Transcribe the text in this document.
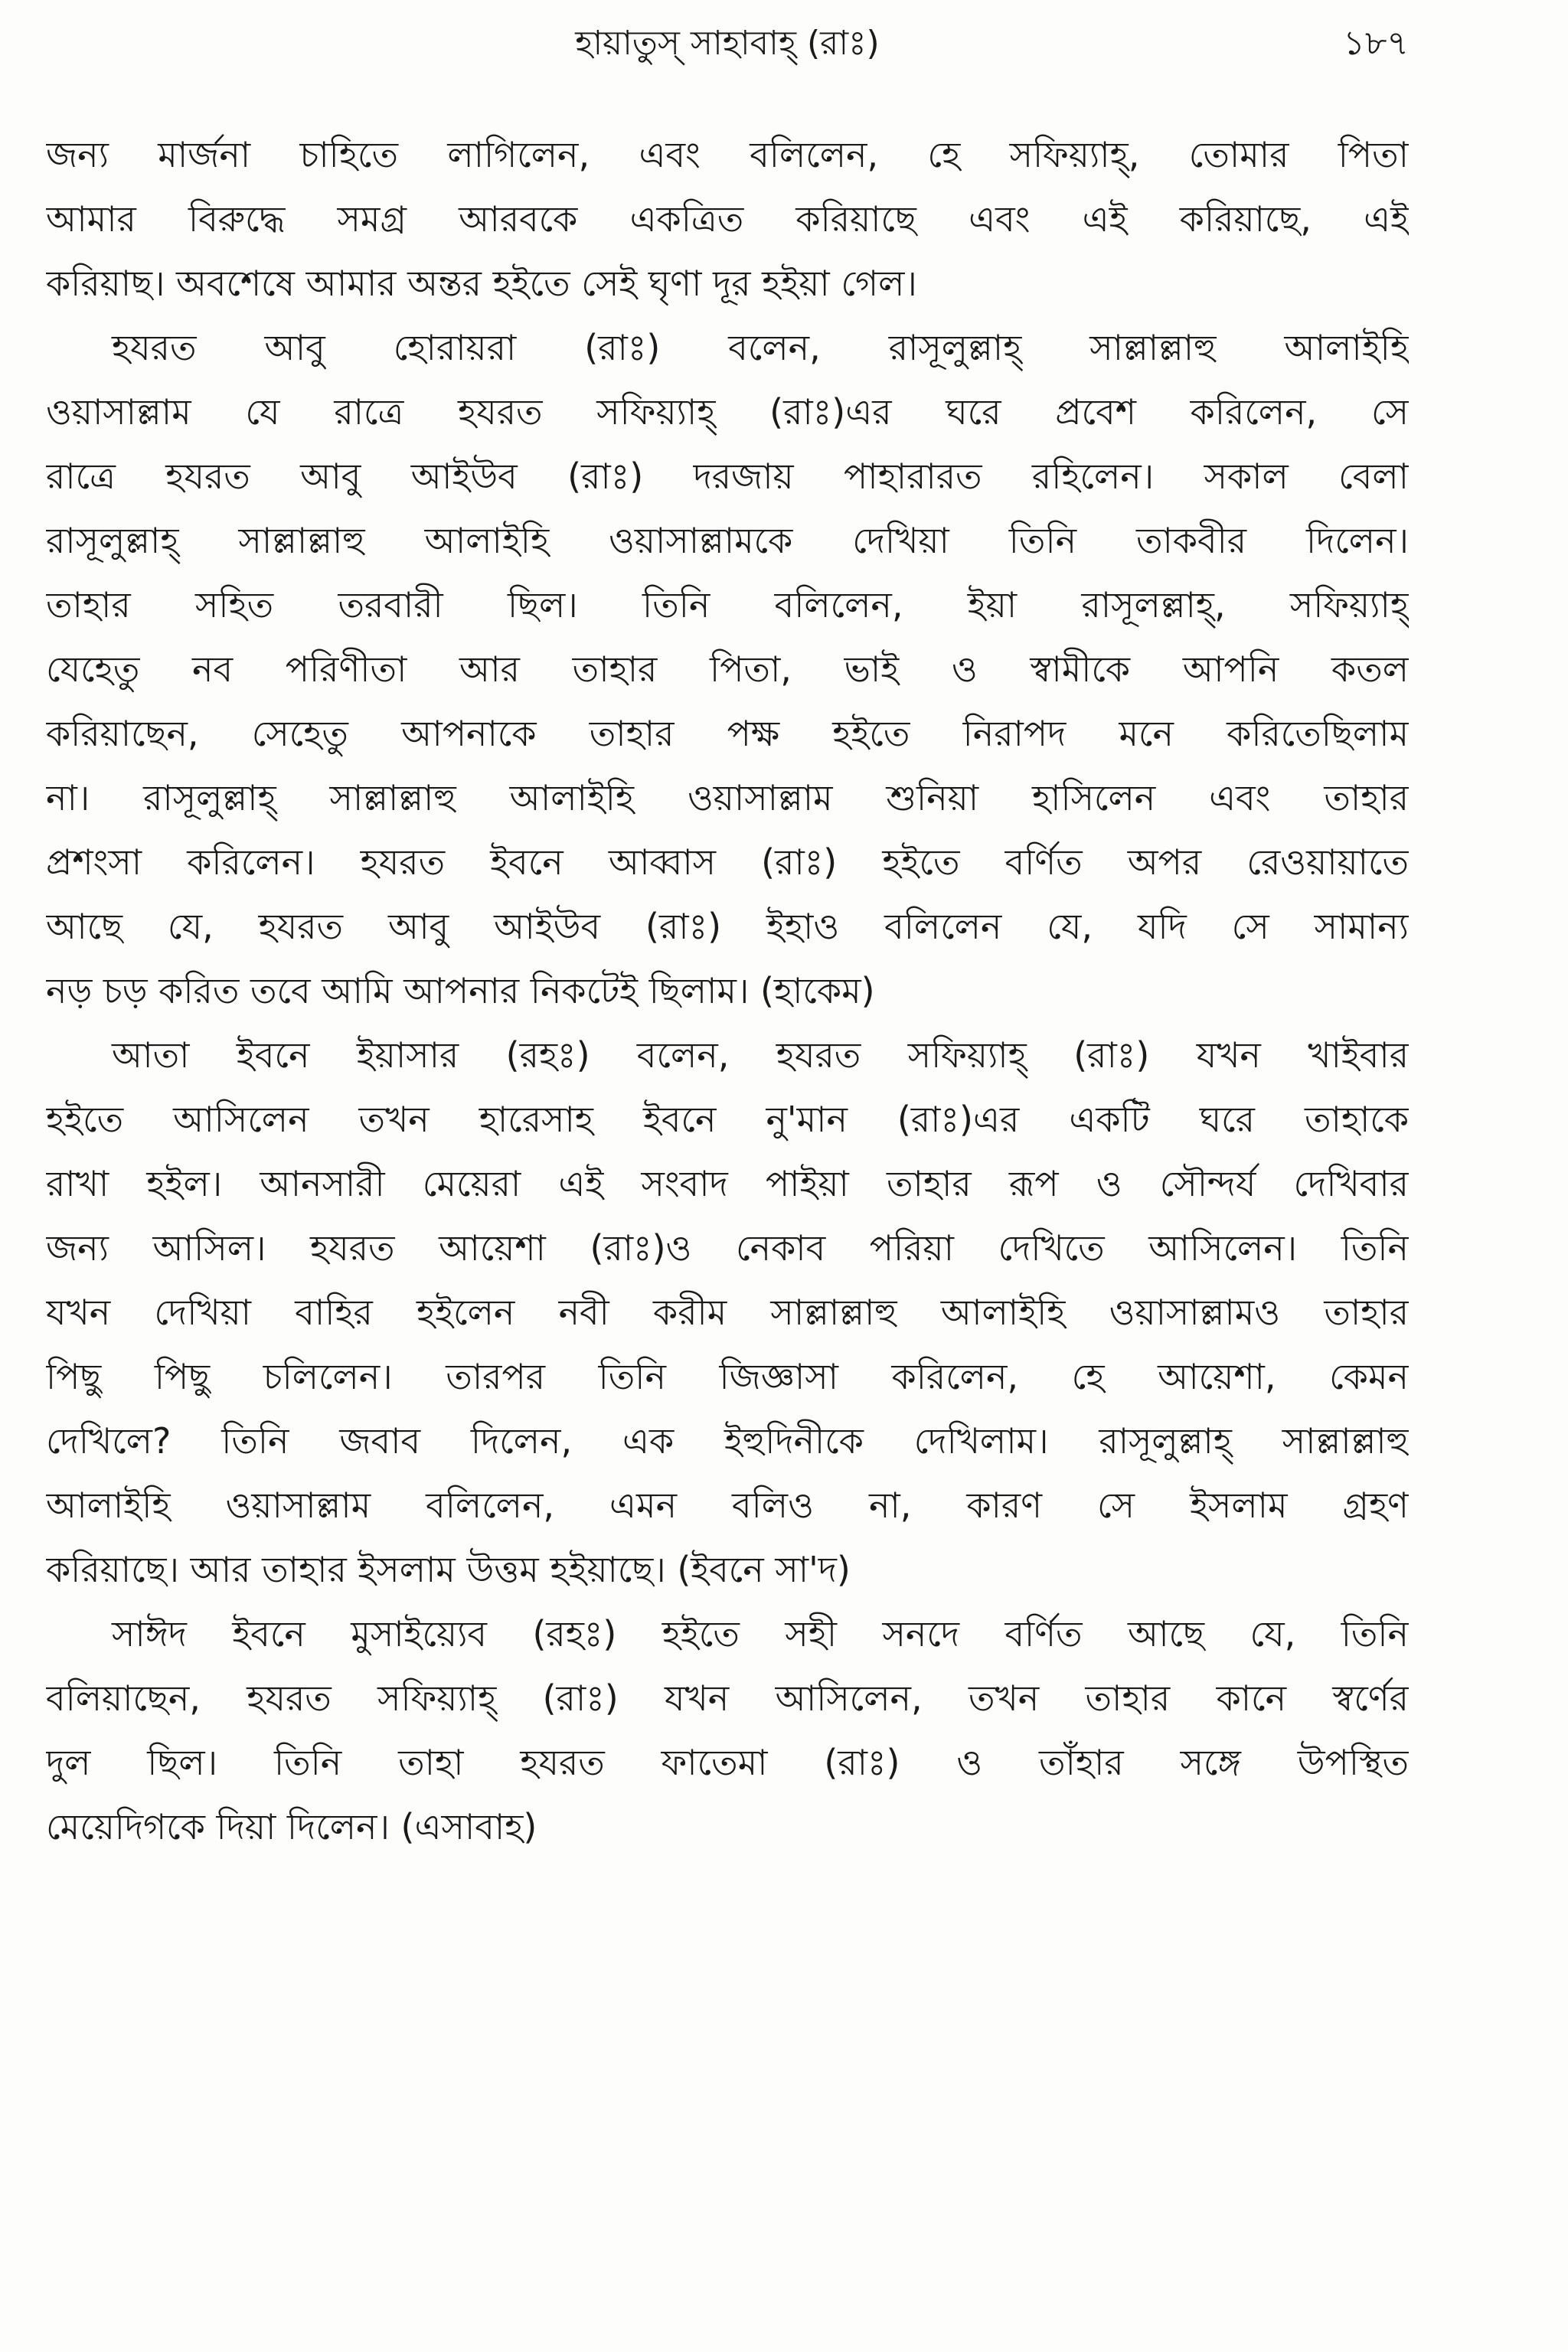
হায়াতুস্ সাহাবাহ্ (রাঃ)	১৮৭
জন্য মার্জনা চাহিতে লাগিলেন, এবং বলিলেন, হে সফিয়্যাহ্, তোমার পিতা
আমার বিরুদ্ধে সমগ্র আরবকে একত্রিত করিয়াছে এবং এই করিয়াছে, এই
করিয়াছ। অবশেষে আমার অন্তর হইতে সেই ঘৃণা দূর হইয়া গেল।
হযরত আবু হোরায়রা (রাঃ) বলেন, রাসূলুল্লাহ্ সাল্লাল্লাহু আলাইহি
ওয়াসাল্লাম যে রাত্রে হযরত সফিয়্যাহ্ (রাঃ)এর ঘরে প্রবেশ করিলেন, সে
রাত্রে হযরত আবু আইউব (রাঃ) দরজায় পাহারারত রহিলেন। সকাল বেলা
রাসূলুল্লাহ্ সাল্লাল্লাহু আলাইহি ওয়াসাল্লামকে দেখিয়া তিনি তাকবীর দিলেন।
তাহার সহিত তরবারী ছিল। তিনি বলিলেন, ইয়া রাসূলল্লাহ্, সফিয়্যাহ্
যেহেতু নব পরিণীতা আর তাহার পিতা, ভাই ও স্বামীকে আপনি কতল
করিয়াছেন, সেহেতু আপনাকে তাহার পক্ষ হইতে নিরাপদ মনে করিতেছিলাম
না। রাসূলুল্লাহ্ সাল্লাল্লাহু আলাইহি ওয়াসাল্লাম শুনিয়া হাসিলেন এবং তাহার
প্রশংসা করিলেন। হযরত ইবনে আব্বাস (রাঃ) হইতে বর্ণিত অপর রেওয়ায়াতে
আছে যে, হযরত আবু আইউব (রাঃ) ইহাও বলিলেন যে, যদি সে সামান্য
নড় চড় করিত তবে আমি আপনার নিকটেই ছিলাম। (হাকেম)
আতা ইবনে ইয়াসার (রহঃ) বলেন, হযরত সফিয়্যাহ্ (রাঃ) যখন খাইবার
হইতে আসিলেন তখন হারেসাহ ইবনে নু'মান (রাঃ)এর একটি ঘরে তাহাকে
রাখা হইল। আনসারী মেয়েরা এই সংবাদ পাইয়া তাহার রূপ ও সৌন্দর্য দেখিবার
জন্য আসিল। হযরত আয়েশা (রাঃ)ও নেকাব পরিয়া দেখিতে আসিলেন। তিনি
যখন দেখিয়া বাহির হইলেন নবী করীম সাল্লাল্লাহু আলাইহি ওয়াসাল্লামও তাহার
পিছু পিছু চলিলেন। তারপর তিনি জিজ্ঞাসা করিলেন, হে আয়েশা, কেমন
দেখিলে? তিনি জবাব দিলেন, এক ইহুদিনীকে দেখিলাম। রাসূলুল্লাহ্ সাল্লাল্লাহু
আলাইহি ওয়াসাল্লাম বলিলেন, এমন বলিও না, কারণ সে ইসলাম গ্রহণ
করিয়াছে। আর তাহার ইসলাম উত্তম হইয়াছে। (ইবনে সা'দ)
সাঈদ ইবনে মুসাইয়্যেব (রহঃ) হইতে সহী সনদে বর্ণিত আছে যে, তিনি
বলিয়াছেন, হযরত সফিয়্যাহ্ (রাঃ) যখন আসিলেন, তখন তাহার কানে স্বর্ণের
দুল ছিল। তিনি তাহা হযরত ফাতেমা (রাঃ) ও তাঁহার সঙ্গে উপস্থিত
মেয়েদিগকে দিয়া দিলেন। (এসাবাহ)
